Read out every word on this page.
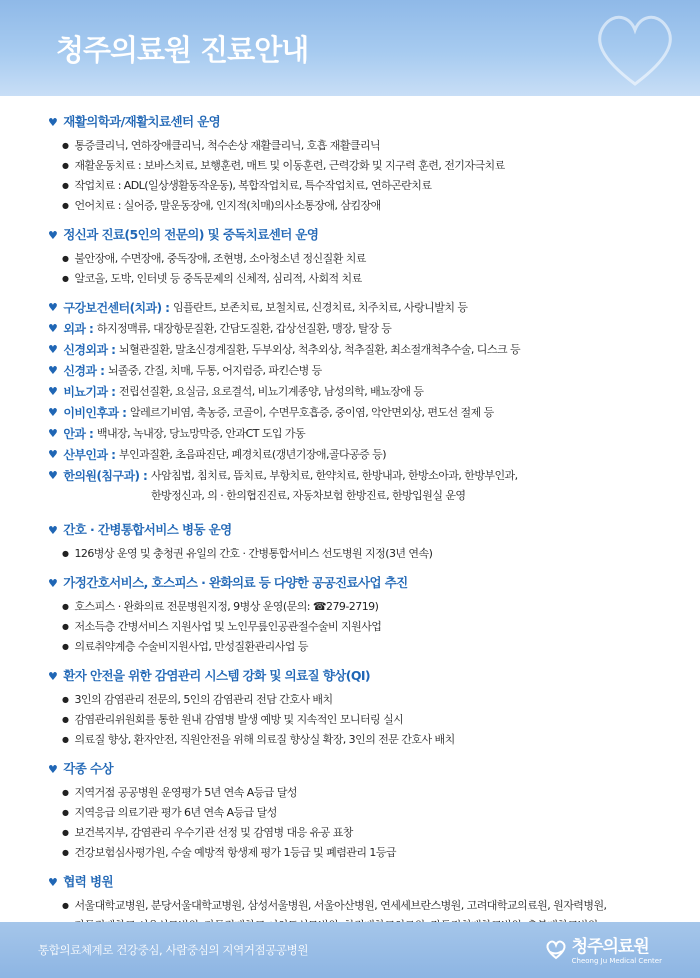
청주의료원 진료안내
♥ 재활의학과/재활치료센터 운영
● 통증클리닉, 연하장애클리닉, 척수손상 재활클리닉, 호흡 재활클리닉
● 재활운동치료 : 보바스치료, 보행훈련, 매트 및 이동훈련, 근력강화 및 지구력 훈련, 전기자극치료
● 작업치료 : ADL(일상생활동작운동), 복합작업치료, 특수작업치료, 연하곤란치료
● 언어치료 : 실어증, 말운동장애, 인지적(치매)의사소통장애, 삼킴장애
♥ 정신과 진료(5인의 전문의) 및 중독치료센터 운영
● 불안장애, 수면장애, 중독장애, 조현병, 소아청소년 정신질환 치료
● 알코올, 도박, 인터넷 등 중독문제의 신체적, 심리적, 사회적 치료
♥ 구강보건센터(치과) : 임플란트, 보존치료, 보철치료, 신경치료, 치주치료, 사랑니발치 등
♥ 외과 : 하지정맥류, 대장항문질환, 간담도질환, 갑상선질환, 맹장, 탈장 등
♥ 신경외과 : 뇌혈관질환, 말초신경계질환, 두부외상, 척추외상, 척추질환, 최소절개척추수술, 디스크 등
♥ 신경과 : 뇌졸중, 간질, 치매, 두통, 어지럼증, 파킨슨병 등
♥ 비뇨기과 : 전립선질환, 요실금, 요로결석, 비뇨기계종양, 남성의학, 배뇨장애 등
♥ 이비인후과 : 알레르기비염, 축농증, 코골이, 수면무호흡증, 중이염, 악안면외상, 편도선 절제 등
♥ 안과 : 백내장, 녹내장, 당뇨망막증, 안과CT 도입 가동
♥ 산부인과 : 부인과질환, 초음파진단, 폐경치료(갱년기장애,골다공증 등)
♥ 한의원(침구과) : 사암침법, 침치료, 뜸치료, 부항치료, 한약치료, 한방내과, 한방소아과, 한방부인과,
한방정신과, 의 · 한의협진진료, 자동차보험 한방진료, 한방입원실 운영
♥ 간호 · 간병통합서비스 병동 운영
● 126병상 운영 및 충청권 유일의 간호 · 간병통합서비스 선도병원 지정(3년 연속)
♥ 가정간호서비스, 호스피스 · 완화의료 등 다양한 공공진료사업 추진
● 호스피스 · 완화의료 전문병원지정, 9병상 운영(문의: ☎279-2719)
● 저소득층 간병서비스 지원사업 및 노인무릎인공관절수술비 지원사업
● 의료취약계층 수술비지원사업, 만성질환관리사업 등
♥ 환자 안전을 위한 감염관리 시스템 강화 및 의료질 향상(QI)
● 3인의 감염관리 전문의, 5인의 감염관리 전담 간호사 배치
● 감염관리위원회를 통한 원내 감염병 발생 예방 및 지속적인 모니터링 실시
● 의료질 향상, 환자안전, 직원안전을 위해 의료질 향상실 확장, 3인의 전문 간호사 배치
♥ 각종 수상
● 지역거점 공공병원 운영평가 5년 연속 A등급 달성
● 지역응급 의료기관 평가 6년 연속 A등급 달성
● 보건복지부, 감염관리 우수기관 선정 및 감염병 대응 유공 표창
● 건강보험심사평가원, 수술 예방적 항생제 평가 1등급 및 폐렴관리 1등급
♥ 협력 병원
● 서울대학교병원, 분당서울대학교병원, 삼성서울병원, 서울아산병원, 연세세브란스병원, 고려대학교의료원, 원자력병원,

통합의료체계로 건강중심, 사람중심의 지역거점공공병원	청주의료원
Cheong Ju Medical Center
